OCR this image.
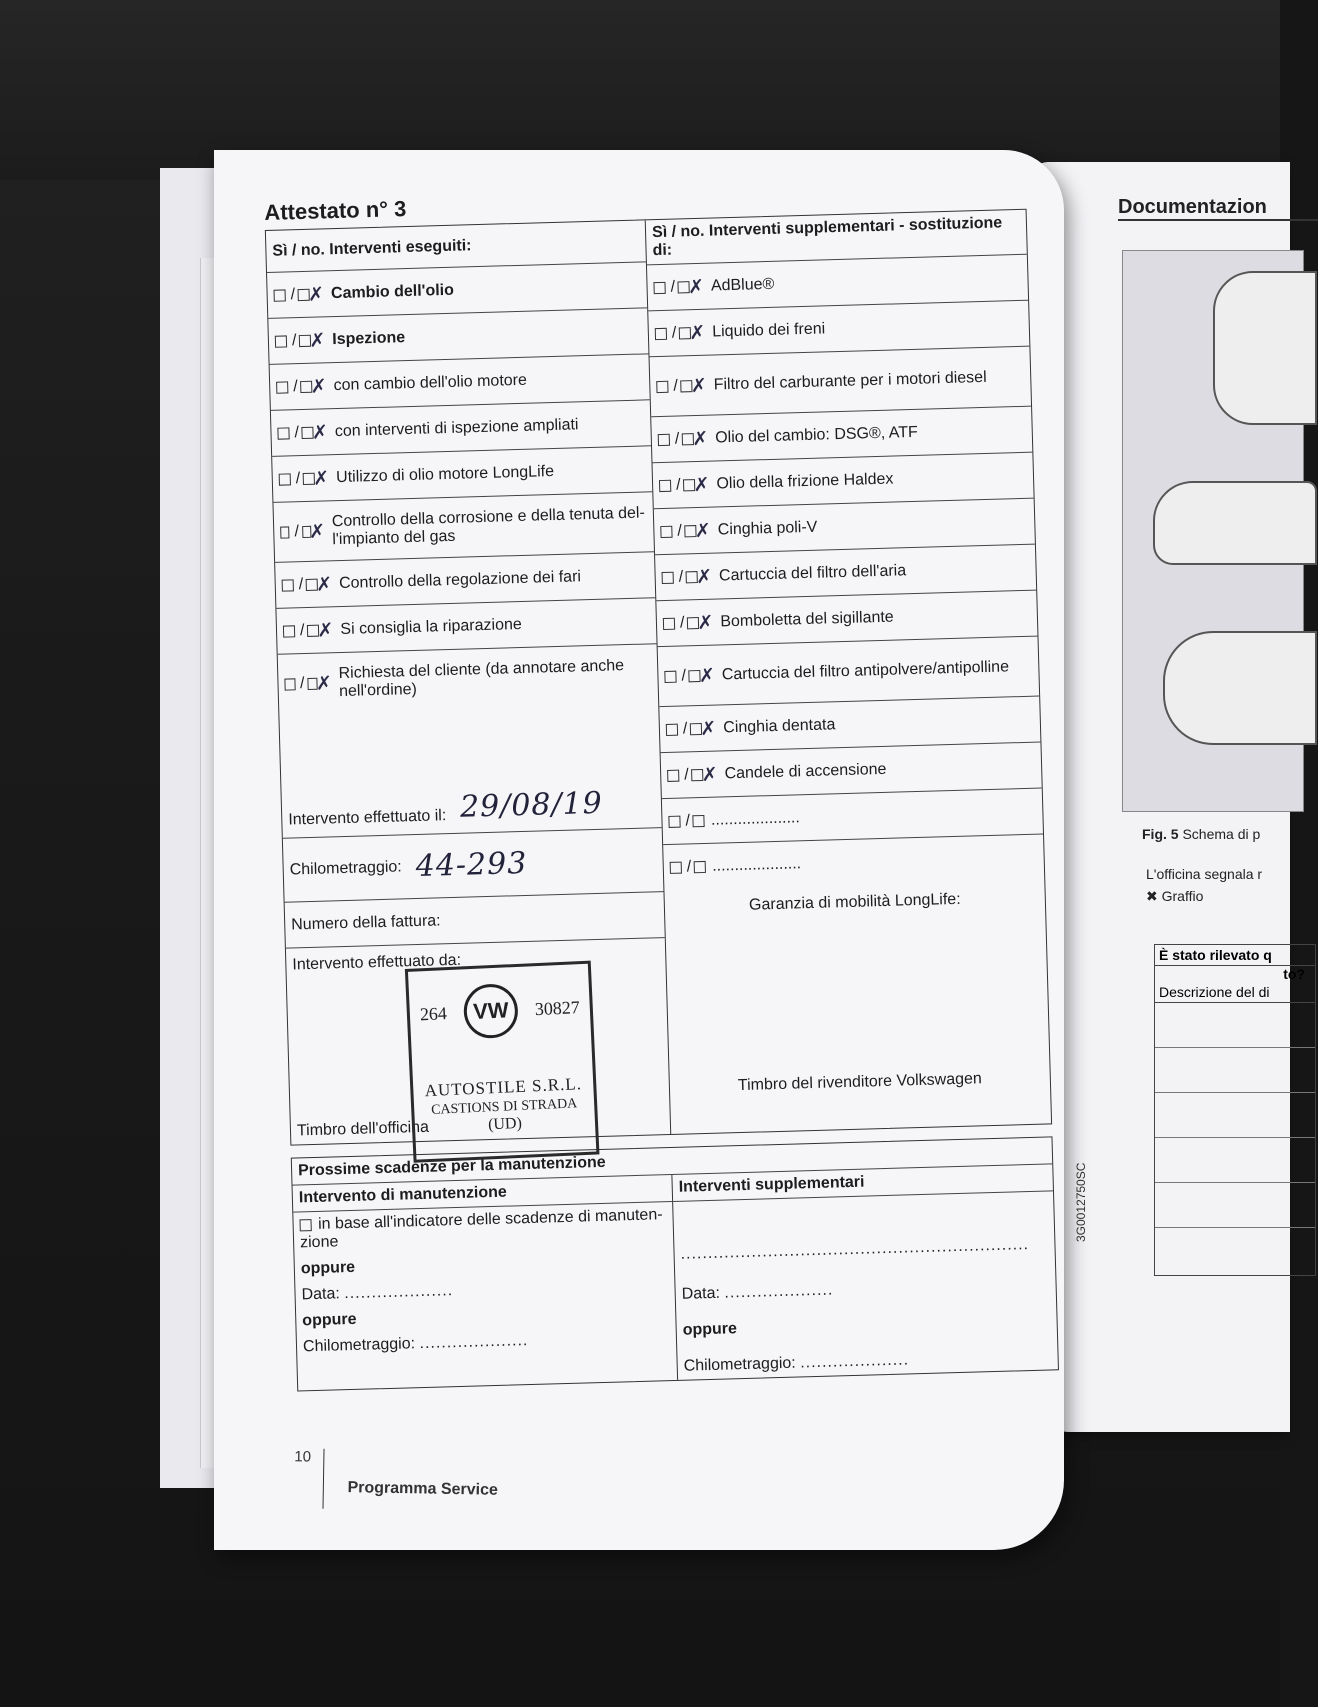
Documentazion
Fig. 5 Schema di p
L'officina segnala r
✖ Graffio
È stato rilevato q
to?
Descrizione del di
3G0012750SC
Attestato n° 3
Sì / no. Interventi eseguiti:
/ ✗ Cambio dell'olio
/ ✗ Ispezione
/ ✗ con cambio dell'olio motore
/ ✗ con interventi di ispezione ampliati
/ ✗ Utilizzo di olio motore LongLife
/ ✗
Controllo della corrosione e della tenuta del-l'impianto del gas
/ ✗ Controllo della regolazione dei fari
/ ✗ Si consiglia la riparazione
/ ✗
Richiesta del cliente (da annotare anche nell'ordine)
Intervento effettuato il: 29/08/19
Chilometraggio: 44-293
Numero della fattura:
Intervento effettuato da:
Timbro dell'officina
264	VW	30827
AUTOSTILE S.R.L.
CASTIONS DI STRADA
(UD)
Sì / no. Interventi supplementari - sostituzione di:
/ ✗ AdBlue®
/ ✗ Liquido dei freni
/ ✗ Filtro del carburante per i motori diesel
/ ✗ Olio del cambio: DSG®, ATF
/ ✗ Olio della frizione Haldex
/ ✗ Cinghia poli-V
/ ✗ Cartuccia del filtro dell'aria
/ ✗ Bomboletta del sigillante
/ ✗ Cartuccia del filtro antipolvere/antipolline
/ ✗ Cinghia dentata
/ ✗ Candele di accensione
/ ....................
/ ....................
Garanzia di mobilità LongLife:
Timbro del rivenditore Volkswagen
Prossime scadenze per la manutenzione
Intervento di manutenzione
in base all'indicatore delle scadenze di manuten-zione
oppure
Data: ....................
oppure
Chilometraggio: ....................
Interventi supplementari
................................................................
Data: ....................
oppure
Chilometraggio: ....................
10
Programma Service
